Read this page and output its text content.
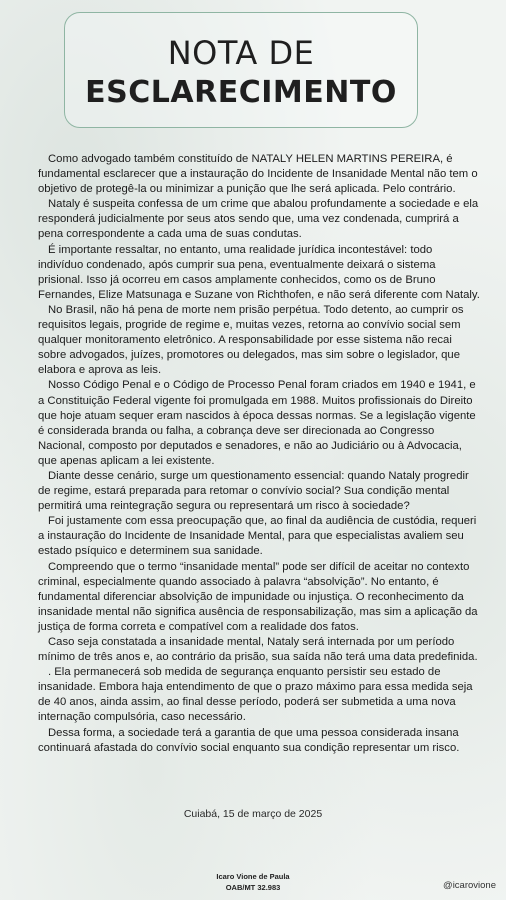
NOTA DE
ESCLARECIMENTO

Como advogado também constituído de NATALY HELEN MARTINS PEREIRA, é fundamental esclarecer que a instauração do Incidente de Insanidade Mental não tem o objetivo de protegê-la ou minimizar a punição que lhe será aplicada. Pelo contrário.

Nataly é suspeita confessa de um crime que abalou profundamente a sociedade e ela responderá judicialmente por seus atos sendo que, uma vez condenada, cumprirá a pena correspondente a cada uma de suas condutas.

É importante ressaltar, no entanto, uma realidade jurídica incontestável: todo indivíduo condenado, após cumprir sua pena, eventualmente deixará o sistema prisional. Isso já ocorreu em casos amplamente conhecidos, como os de Bruno Fernandes, Elize Matsunaga e Suzane von Richthofen, e não será diferente com Nataly.

No Brasil, não há pena de morte nem prisão perpétua. Todo detento, ao cumprir os requisitos legais, progride de regime e, muitas vezes, retorna ao convívio social sem qualquer monitoramento eletrônico. A responsabilidade por esse sistema não recai sobre advogados, juízes, promotores ou delegados, mas sim sobre o legislador, que elabora e aprova as leis.

Nosso Código Penal e o Código de Processo Penal foram criados em 1940 e 1941, e a Constituição Federal vigente foi promulgada em 1988. Muitos profissionais do Direito que hoje atuam sequer eram nascidos à época dessas normas. Se a legislação vigente é considerada branda ou falha, a cobrança deve ser direcionada ao Congresso Nacional, composto por deputados e senadores, e não ao Judiciário ou à Advocacia, que apenas aplicam a lei existente.

Diante desse cenário, surge um questionamento essencial: quando Nataly progredir de regime, estará preparada para retomar o convívio social? Sua condição mental permitirá uma reintegração segura ou representará um risco à sociedade?

Foi justamente com essa preocupação que, ao final da audiência de custódia, requeri a instauração do Incidente de Insanidade Mental, para que especialistas avaliem seu estado psíquico e determinem sua sanidade.

Compreendo que o termo “insanidade mental” pode ser difícil de aceitar no contexto criminal, especialmente quando associado à palavra “absolvição”. No entanto, é fundamental diferenciar absolvição de impunidade ou injustiça. O reconhecimento da insanidade mental não significa ausência de responsabilização, mas sim a aplicação da justiça de forma correta e compatível com a realidade dos fatos.

Caso seja constatada a insanidade mental, Nataly será internada por um período mínimo de três anos e, ao contrário da prisão, sua saída não terá uma data predefinida.

. Ela permanecerá sob medida de segurança enquanto persistir seu estado de insanidade. Embora haja entendimento de que o prazo máximo para essa medida seja de 40 anos, ainda assim, ao final desse período, poderá ser submetida a uma nova internação compulsória, caso necessário.

Dessa forma, a sociedade terá a garantia de que uma pessoa considerada insana continuará afastada do convívio social enquanto sua condição representar um risco.

Cuiabá, 15 de março de 2025
Icaro Vione de Paula
OAB/MT 32.983	@icarovione
